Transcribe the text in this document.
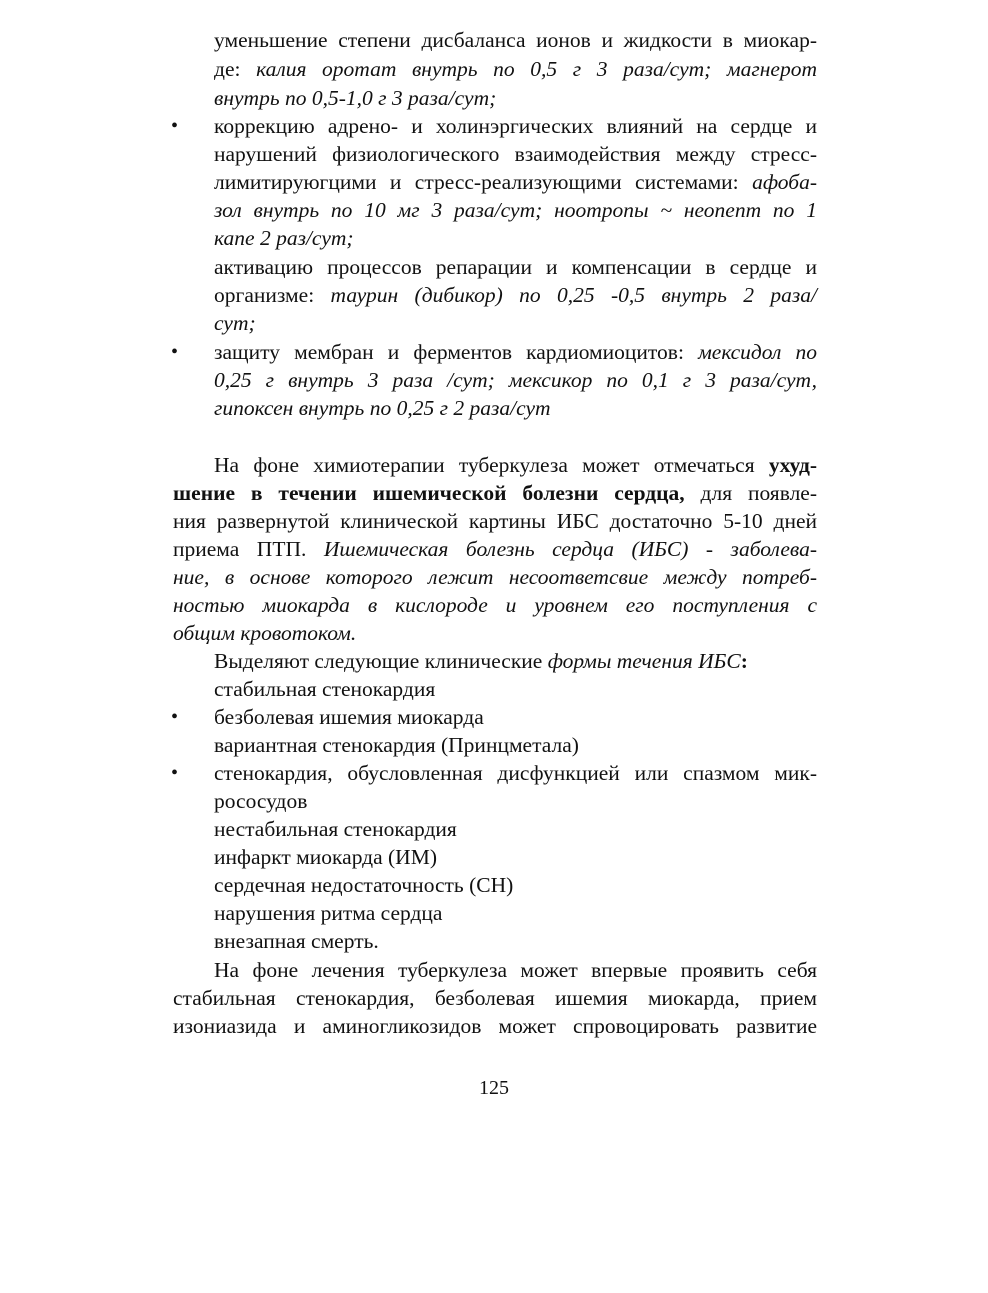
уменьшение степени дисбаланса ионов и жидкости в миокар-
де: калия оротат внутрь по 0,5 г 3 раза/сут; магнерот
внутрь по 0,5-1,0 г 3 раза/сут;
• коррекцию адрено- и холинэргических влияний на сердце и
нарушений физиологического взаимодействия между стресс-
лимитируюгцими и стресс-реализующими системами: афоба-
зол внутрь по 10 мг 3 раза/сут; ноотропы ~ неопепт по 1
капе 2 раз/сут;
активацию процессов репарации и компенсации в сердце и
организме: таурин (дибикор) по 0,25 -0,5 внутрь 2 раза/
сут;
• защиту мембран и ферментов кардиомиоцитов: мексидол по
0,25 г внутрь 3 раза /сут; мексикор по 0,1 г 3 раза/сут,
гипоксен внутрь по 0,25 г 2 раза/сут
На фоне химиотерапии туберкулеза может отмечаться ухуд-
шение в течении ишемической болезни сердца, для появле-
ния развернутой клинической картины ИБС достаточно 5-10 дней
приема ПТП. Ишемическая болезнь сердца (ИБС) - заболева-
ние, в основе которого лежит несоответсвие между потреб-
ностью миокарда в кислороде и уровнем его поступления с
общим кровотоком.
Выделяют следующие клинические формы течения ИБС:
стабильная стенокардия
• безболевая ишемия миокарда
вариантная стенокардия (Принцметала)
• стенокардия, обусловленная дисфункцией или спазмом мик-
рососудов
нестабильная стенокардия
инфаркт миокарда (ИМ)
сердечная недостаточность (СН)
нарушения ритма сердца
внезапная смерть.
На фоне лечения туберкулеза может впервые проявить себя
стабильная стенокардия, безболевая ишемия миокарда, прием
изониазида и аминогликозидов может спровоцировать развитие
125
